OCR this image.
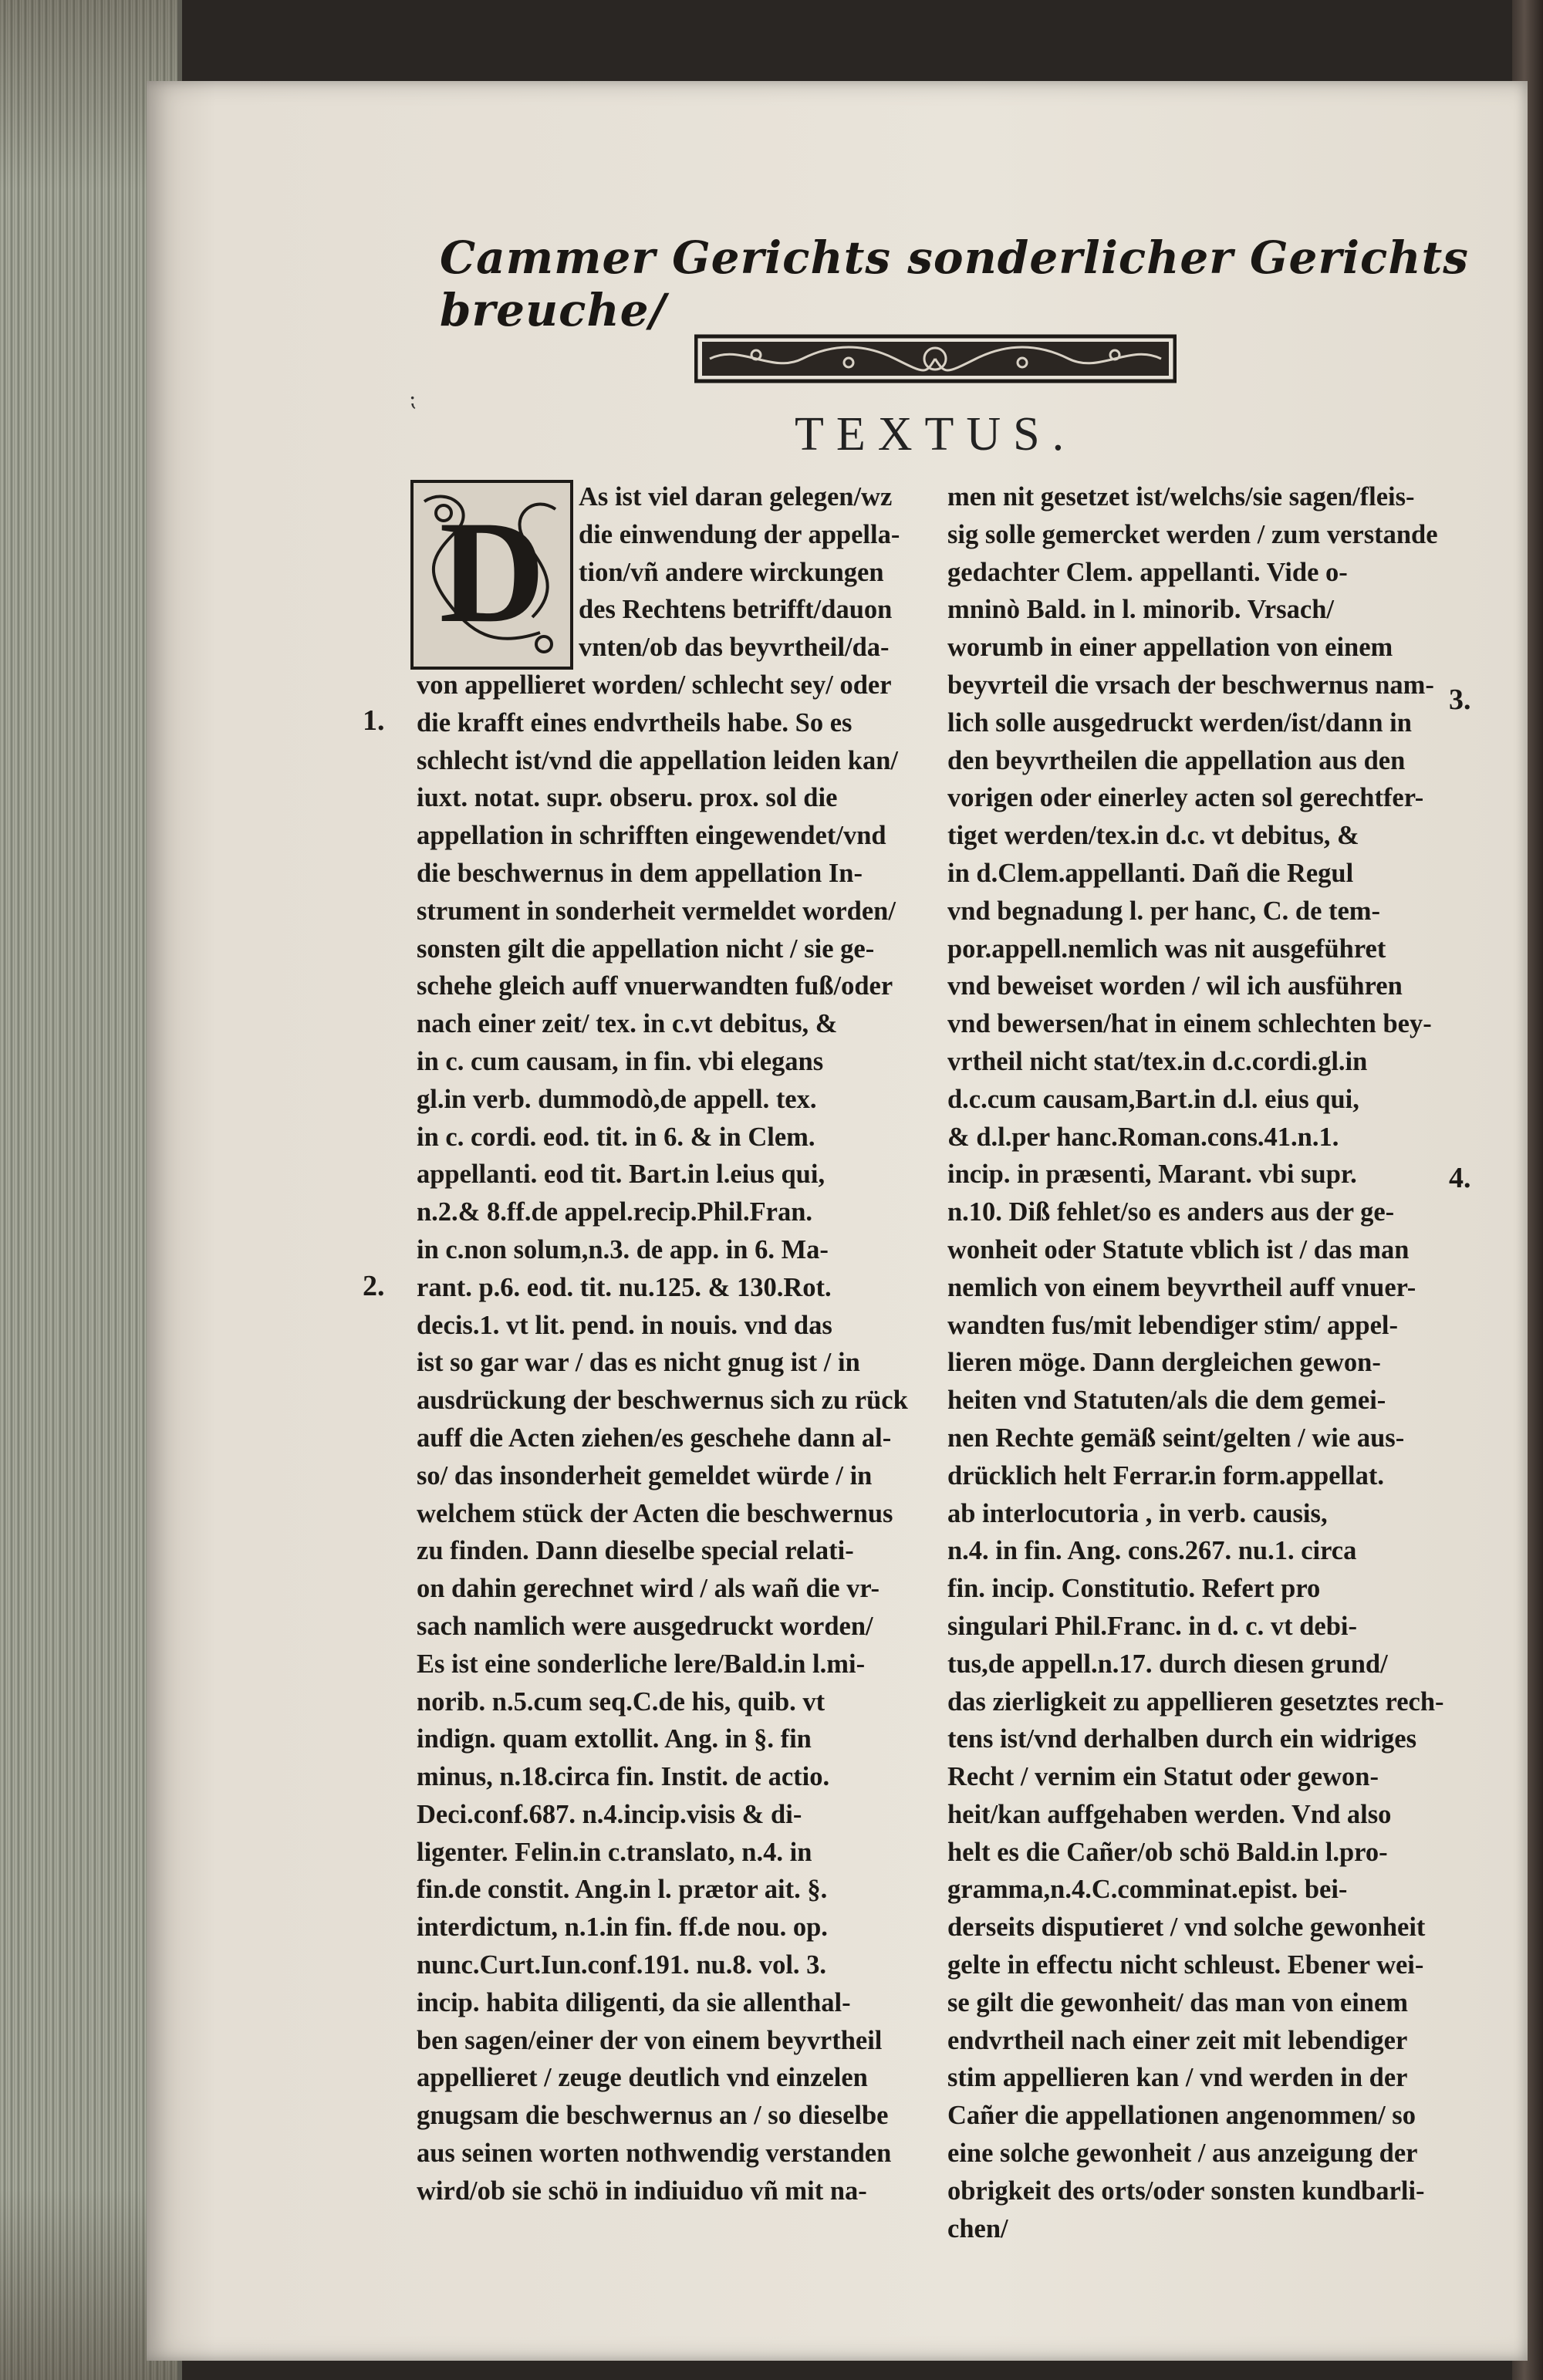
Cammer Gerichts sonderlicher Gerichts breuche/
⁏
TEXTUS.
D
1.
2.
3.
4.
As ist viel daran gelegen/wz
die einwendung der appella-
tion/vñ andere wirckungen
des Rechtens betrifft/dauon
vnten/ob das beyvrtheil/da-
von appellieret worden/ schlecht sey/ oder
die krafft eines endvrtheils habe. So es
schlecht ist/vnd die appellation leiden kan/
iuxt. notat. supr. obseru. prox. sol die
appellation in schrifften eingewendet/vnd
die beschwernus in dem appellation In-
strument in sonderheit vermeldet worden/
sonsten gilt die appellation nicht / sie ge-
schehe gleich auff vnuerwandten fuß/oder
nach einer zeit/ tex. in c.vt debitus, &
in c. cum causam, in fin. vbi elegans
gl.in verb. dummodò,de appell. tex.
in c. cordi. eod. tit. in 6. & in Clem.
appellanti. eod tit. Bart.in l.eius qui,
n.2.& 8.ff.de appel.recip.Phil.Fran.
in c.non solum,n.3. de app. in 6. Ma-
rant. p.6. eod. tit. nu.125. & 130.Rot.
decis.1. vt lit. pend. in nouis. vnd das
ist so gar war / das es nicht gnug ist / in
ausdrückung der beschwernus sich zu rück
auff die Acten ziehen/es geschehe dann al-
so/ das insonderheit gemeldet würde / in
welchem stück der Acten die beschwernus
zu finden. Dann dieselbe special relati-
on dahin gerechnet wird / als wañ die vr-
sach namlich were ausgedruckt worden/
Es ist eine sonderliche lere/Bald.in l.mi-
norib. n.5.cum seq.C.de his, quib. vt
indign. quam extollit. Ang. in §. fin
minus, n.18.circa fin. Instit. de actio.
Deci.conf.687. n.4.incip.visis & di-
ligenter. Felin.in c.translato, n.4. in
fin.de constit. Ang.in l. prætor ait. §.
interdictum, n.1.in fin. ff.de nou. op.
nunc.Curt.Iun.conf.191. nu.8. vol. 3.
incip. habita diligenti, da sie allenthal-
ben sagen/einer der von einem beyvrtheil
appellieret / zeuge deutlich vnd einzelen
gnugsam die beschwernus an / so dieselbe
aus seinen worten nothwendig verstanden
wird/ob sie schö in indiuiduo vñ mit na-
men nit gesetzet ist/welchs/sie sagen/fleis-
sig solle gemercket werden / zum verstande
gedachter Clem. appellanti. Vide o-
mninò Bald. in l. minorib. Vrsach/
worumb in einer appellation von einem
beyvrteil die vrsach der beschwernus nam-
lich solle ausgedruckt werden/ist/dann in
den beyvrtheilen die appellation aus den
vorigen oder einerley acten sol gerechtfer-
tiget werden/tex.in d.c. vt debitus, &
in d.Clem.appellanti. Dañ die Regul
vnd begnadung l. per hanc, C. de tem-
por.appell.nemlich was nit ausgeführet
vnd beweiset worden / wil ich ausführen
vnd bewersen/hat in einem schlechten bey-
vrtheil nicht stat/tex.in d.c.cordi.gl.in
d.c.cum causam,Bart.in d.l. eius qui,
& d.l.per hanc.Roman.cons.41.n.1.
incip. in præsenti, Marant. vbi supr.
n.10. Diß fehlet/so es anders aus der ge-
wonheit oder Statute vblich ist / das man
nemlich von einem beyvrtheil auff vnuer-
wandten fus/mit lebendiger stim/ appel-
lieren möge. Dann dergleichen gewon-
heiten vnd Statuten/als die dem gemei-
nen Rechte gemäß seint/gelten / wie aus-
drücklich helt Ferrar.in form.appellat.
ab interlocutoria , in verb. causis,
n.4. in fin. Ang. cons.267. nu.1. circa
fin. incip. Constitutio. Refert pro
singulari Phil.Franc. in d. c. vt debi-
tus,de appell.n.17. durch diesen grund/
das zierligkeit zu appellieren gesetztes rech-
tens ist/vnd derhalben durch ein widriges
Recht / vernim ein Statut oder gewon-
heit/kan auffgehaben werden. Vnd also
helt es die Cañer/ob schö Bald.in l.pro-
gramma,n.4.C.comminat.epist. bei-
derseits disputieret / vnd solche gewonheit
gelte in effectu nicht schleust. Ebener wei-
se gilt die gewonheit/ das man von einem
endvrtheil nach einer zeit mit lebendiger
stim appellieren kan / vnd werden in der
Cañer die appellationen angenommen/ so
eine solche gewonheit / aus anzeigung der
obrigkeit des orts/oder sonsten kundbarli-
chen/
